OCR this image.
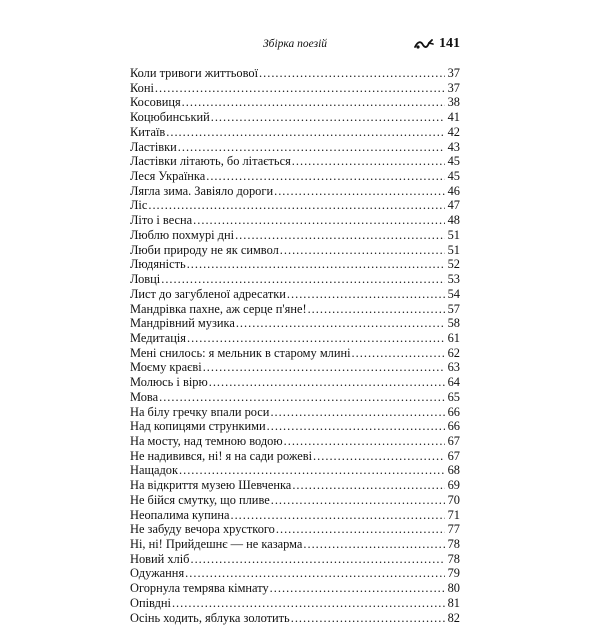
Збірка поезій	141
Коли тривоги життьової .....	37
Коні .....	37
Косовиця .....	38
Коцюбинський .....	41
Китаїв .....	42
Ластівки .....	43
Ластівки літають, бо літається .....	45
Леся Українка .....	45
Лягла зима. Завіяло дороги .....	46
Ліс .....	47
Літо і весна .....	48
Люблю похмурі дні .....	51
Люби природу не як символ .....	51
Людяність .....	52
Ловці .....	53
Лист до загубленої адресатки .....	54
Мандрівка пахне, аж серце п'яне! .....	57
Мандрівний музика .....	58
Медитація .....	61
Мені снилось: я мельник в старому млині .....	62
Моєму краєві .....	63
Молюсь і вірю .....	64
Мова .....	65
На білу гречку впали роси .....	66
Над копицями стрункими .....	66
На мосту, над темною водою .....	67
Не надивився, ні! я на сади рожеві .....	67
Нащадок .....	68
На відкриття музею Шевченка .....	69
Не бійся смутку, що пливе .....	70
Неопалима купина .....	71
Не забуду вечора хрусткого .....	77
Ні, ні! Прийдешнє — не казарма .....	78
Новий хліб .....	78
Одужання .....	79
Огорнула темрява кімнату .....	80
Опівдні .....	81
Осінь ходить, яблука золотить .....	82
